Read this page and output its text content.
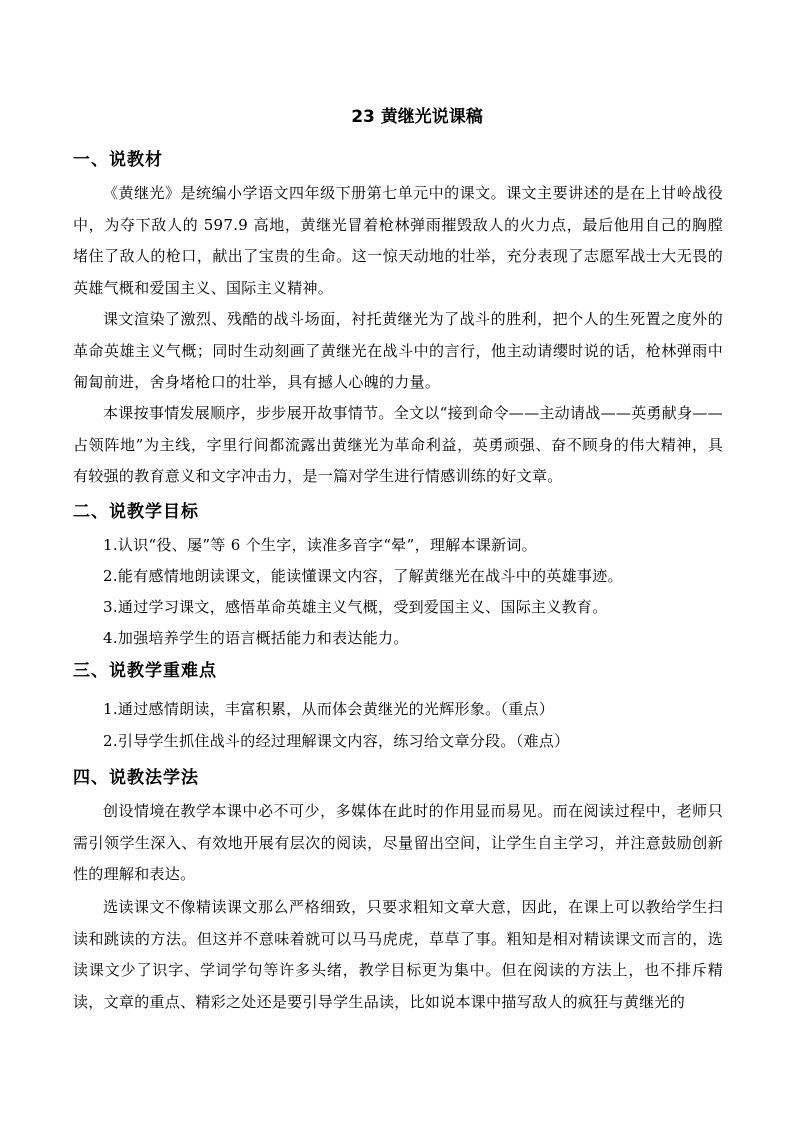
23 黄继光说课稿
一、说教材
《黄继光》是统编小学语文四年级下册第七单元中的课文。课文主要讲述的是在上甘岭战役中，为夺下敌人的 597.9 高地，黄继光冒着枪林弹雨摧毁敌人的火力点，最后他用自己的胸膛堵住了敌人的枪口，献出了宝贵的生命。这一惊天动地的壮举，充分表现了志愿军战士大无畏的英雄气概和爱国主义、国际主义精神。
课文渲染了激烈、残酷的战斗场面，衬托黄继光为了战斗的胜利，把个人的生死置之度外的革命英雄主义气概；同时生动刻画了黄继光在战斗中的言行，他主动请缨时说的话，枪林弹雨中匍匐前进，舍身堵枪口的壮举，具有撼人心魄的力量。
本课按事情发展顺序，步步展开故事情节。全文以“接到命令——主动请战——英勇献身——占领阵地”为主线，字里行间都流露出黄继光为革命利益，英勇顽强、奋不顾身的伟大精神，具有较强的教育意义和文字冲击力，是一篇对学生进行情感训练的好文章。
二、说教学目标
1.认识“役、屡”等 6 个生字，读准多音字“晕”，理解本课新词。
2.能有感情地朗读课文，能读懂课文内容，了解黄继光在战斗中的英雄事迹。
3.通过学习课文，感悟革命英雄主义气概，受到爱国主义、国际主义教育。
4.加强培养学生的语言概括能力和表达能力。
三、说教学重难点
1.通过感情朗读，丰富积累，从而体会黄继光的光辉形象。（重点）
2.引导学生抓住战斗的经过理解课文内容，练习给文章分段。（难点）
四、说教法学法
创设情境在教学本课中必不可少，多媒体在此时的作用显而易见。而在阅读过程中，老师只需引领学生深入、有效地开展有层次的阅读，尽量留出空间，让学生自主学习，并注意鼓励创新性的理解和表达。
选读课文不像精读课文那么严格细致，只要求粗知文章大意，因此，在课上可以教给学生扫读和跳读的方法。但这并不意味着就可以马马虎虎，草草了事。粗知是相对精读课文而言的，选读课文少了识字、学词学句等许多头绪，教学目标更为集中。但在阅读的方法上，也不排斥精读，文章的重点、精彩之处还是要引导学生品读，比如说本课中描写敌人的疯狂与黄继光的
